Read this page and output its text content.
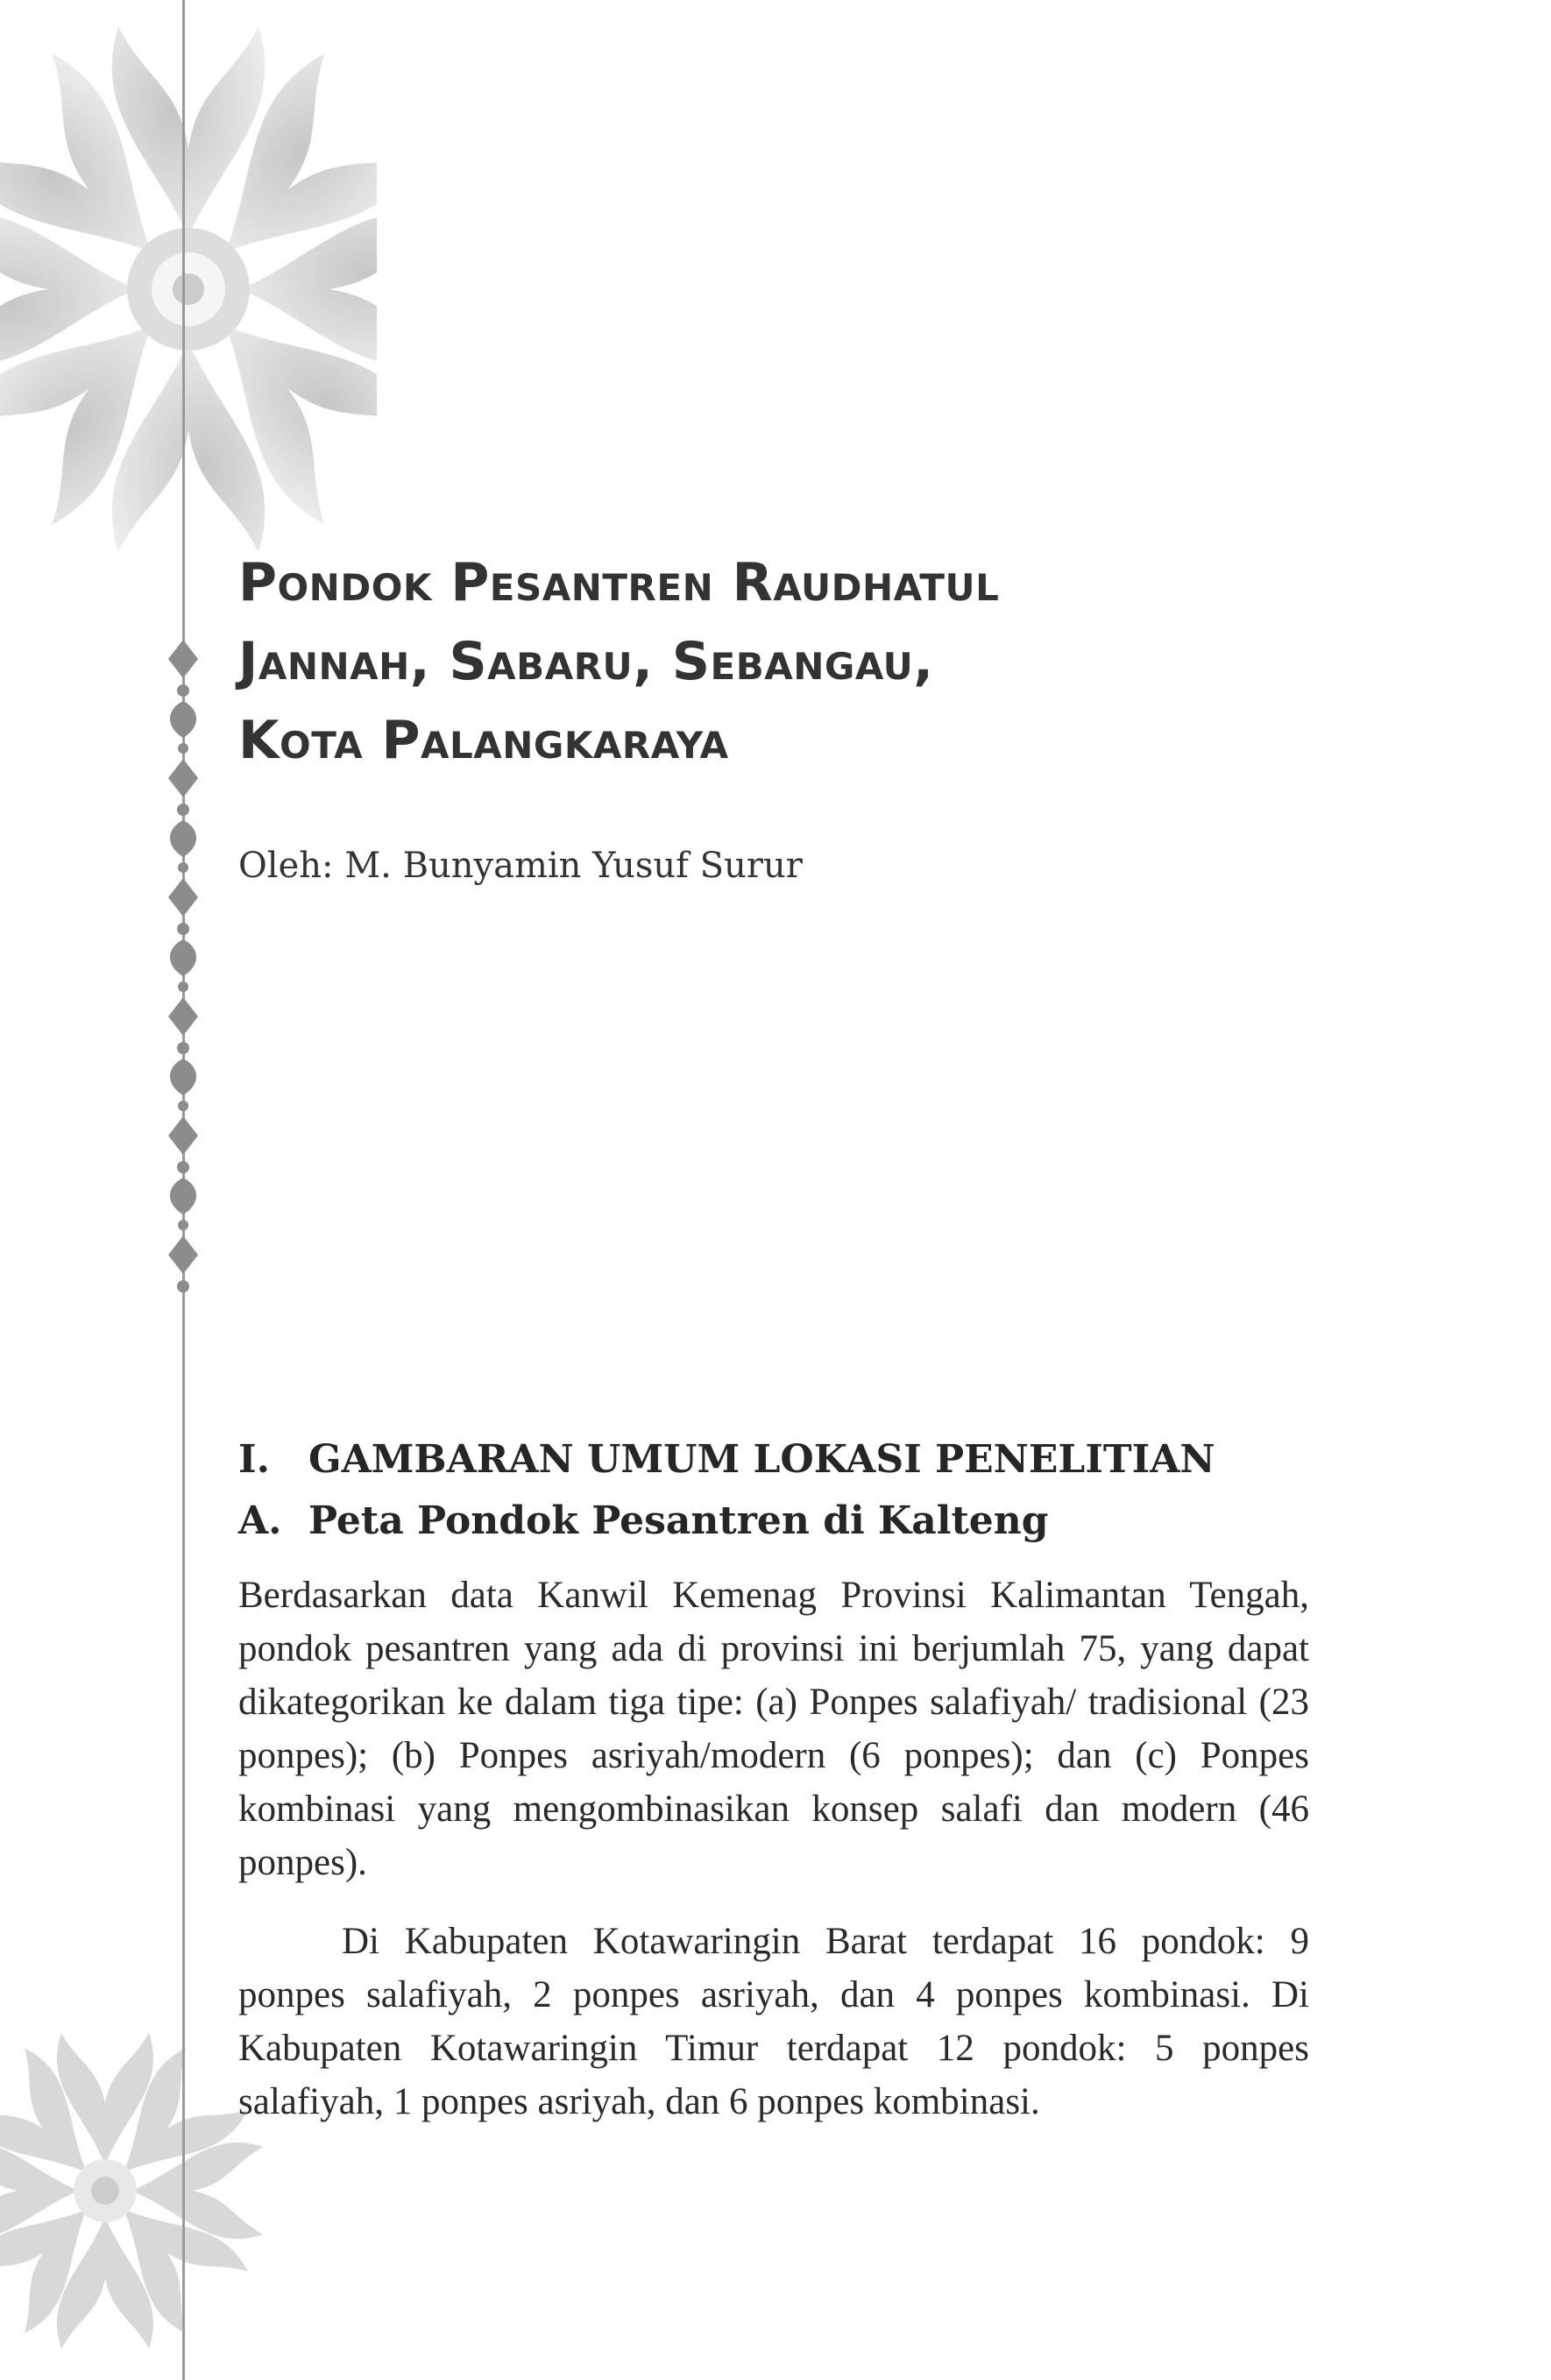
Pondok Pesantren Raudhatul
Jannah, Sabaru, Sebangau,
Kota Palangkaraya

Oleh: M. Bunyamin Yusuf Surur

I. GAMBARAN UMUM LOKASI PENELITIAN
A. Peta Pondok Pesantren di Kalteng

Berdasarkan data Kanwil Kemenag Provinsi Kalimantan Tengah, pondok pesantren yang ada di provinsi ini berjumlah 75, yang dapat dikategorikan ke dalam tiga tipe: (a) Ponpes salafiyah/ tradisional (23 ponpes); (b) Ponpes asriyah/modern (6 ponpes); dan (c) Ponpes kombinasi yang mengombinasikan konsep salafi dan modern (46 ponpes).

Di Kabupaten Kotawaringin Barat terdapat 16 pondok: 9 ponpes salafiyah, 2 ponpes asriyah, dan 4 ponpes kombinasi. Di Kabupaten Kotawaringin Timur terdapat 12 pondok: 5 ponpes salafiyah, 1 ponpes asriyah, dan 6 ponpes kombinasi.
